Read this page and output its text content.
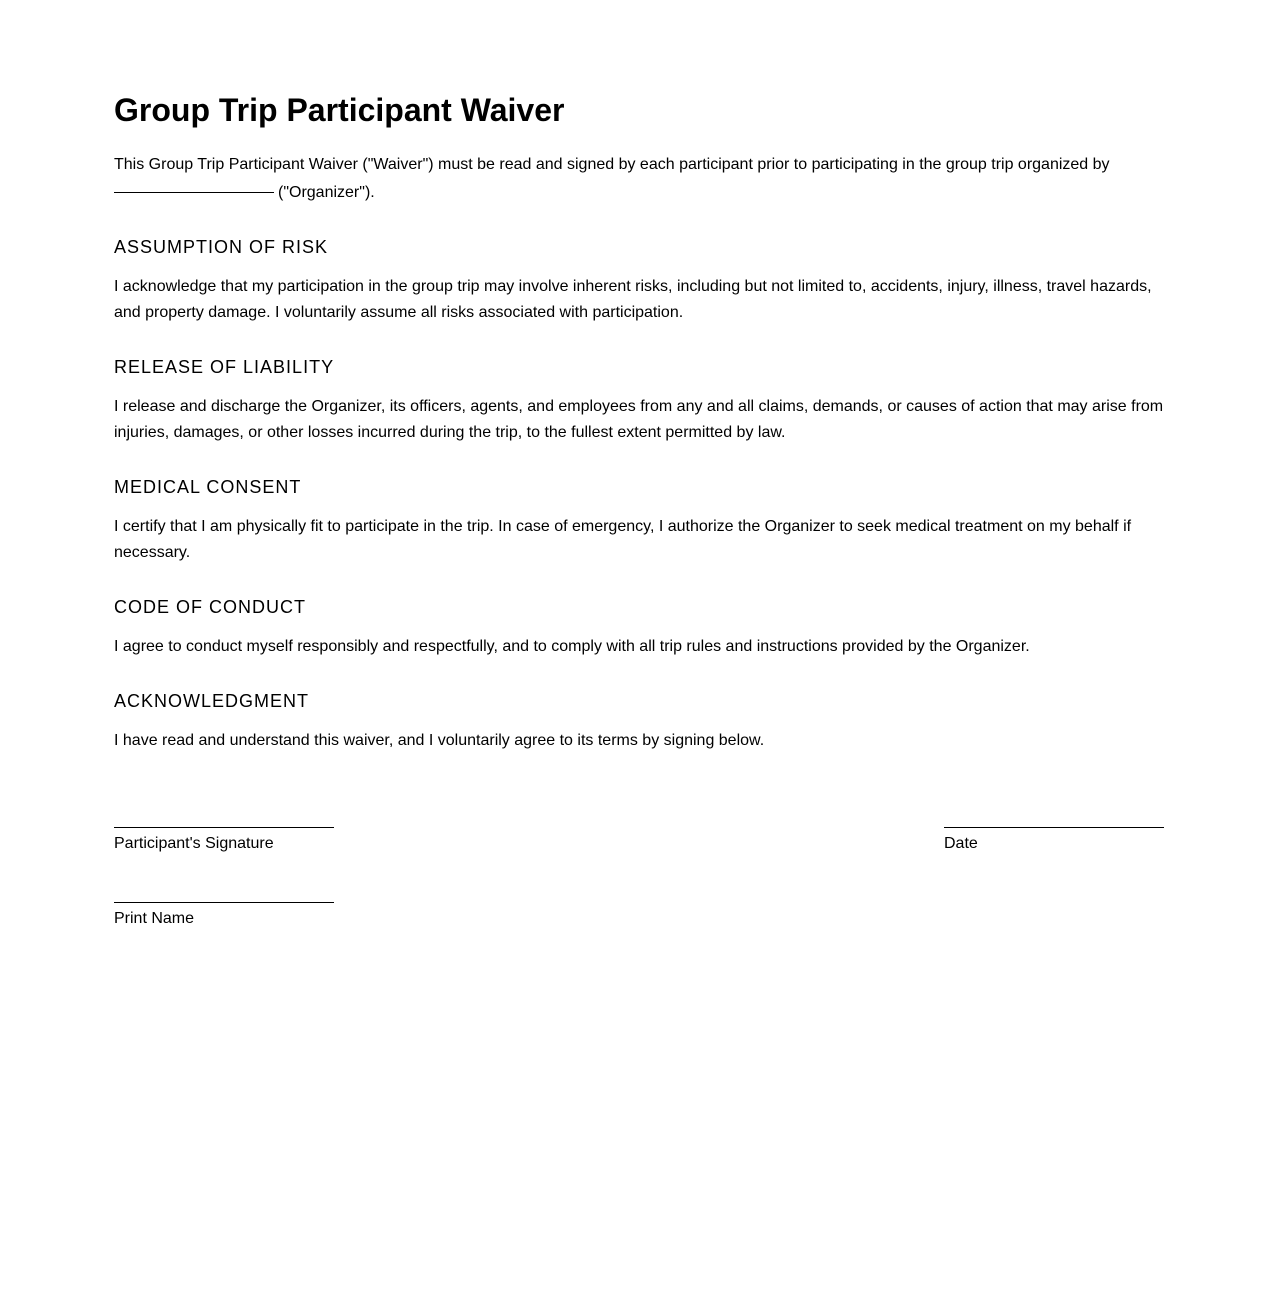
Group Trip Participant Waiver

This Group Trip Participant Waiver ("Waiver") must be read and signed by each participant prior to participating in the group trip organized by
("Organizer").

ASSUMPTION OF RISK

I acknowledge that my participation in the group trip may involve inherent risks, including but not limited to, accidents, injury, illness, travel hazards, and property damage. I voluntarily assume all risks associated with participation.

RELEASE OF LIABILITY

I release and discharge the Organizer, its officers, agents, and employees from any and all claims, demands, or causes of action that may arise from injuries, damages, or other losses incurred during the trip, to the fullest extent permitted by law.

MEDICAL CONSENT

I certify that I am physically fit to participate in the trip. In case of emergency, I authorize the Organizer to seek medical treatment on my behalf if necessary.

CODE OF CONDUCT

I agree to conduct myself responsibly and respectfully, and to comply with all trip rules and instructions provided by the Organizer.

ACKNOWLEDGMENT

I have read and understand this waiver, and I voluntarily agree to its terms by signing below.

Participant's Signature	Date
Print Name
